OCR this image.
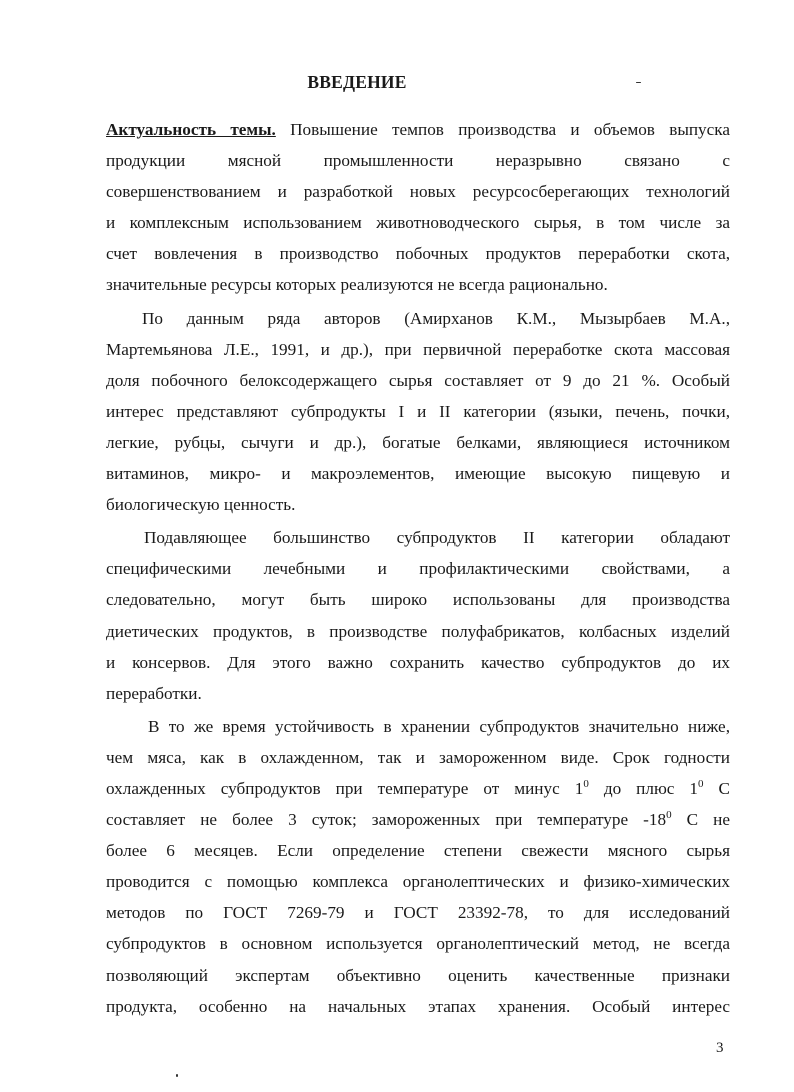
ВВЕДЕНИЕ

Актуальность темы. Повышение темпов производства и объемов выпуска
продукции мясной промышленности неразрывно связано с
совершенствованием и разработкой новых ресурсосберегающих технологий
и комплексным использованием животноводческого сырья, в том числе за
счет вовлечения в производство побочных продуктов переработки скота,
значительные ресурсы которых реализуются не всегда рационально.

По данным ряда авторов (Амирханов К.М., Мызырбаев М.А.,
Мартемьянова Л.Е., 1991, и др.), при первичной переработке скота массовая
доля побочного белоксодержащего сырья составляет от 9 до 21 %. Особый
интерес представляют субпродукты I и II категории (языки, печень, почки,
легкие, рубцы, сычуги и др.), богатые белками, являющиеся источником
витаминов, микро- и макроэлементов, имеющие высокую пищевую и
биологическую ценность.

Подавляющее большинство субпродуктов II категории обладают
специфическими лечебными и профилактическими свойствами, а
следовательно, могут быть широко использованы для производства
диетических продуктов, в производстве полуфабрикатов, колбасных изделий
и консервов. Для этого важно сохранить качество субпродуктов до их
переработки.

В то же время устойчивость в хранении субпродуктов значительно ниже,
чем мяса, как в охлажденном, так и замороженном виде. Срок годности
охлажденных субпродуктов при температуре от минус $1^0$ до плюс $1^0$ С
составляет не более 3 суток; замороженных при температуре $-18^0$ С не
более 6 месяцев. Если определение степени свежести мясного сырья
проводится с помощью комплекса органолептических и физико-химических
методов по ГОСТ 7269-79 и ГОСТ 23392-78, то для исследований
субпродуктов в основном используется органолептический метод, не всегда
позволяющий экспертам объективно оценить качественные признаки
продукта, особенно на начальных этапах хранения. Особый интерес

3
